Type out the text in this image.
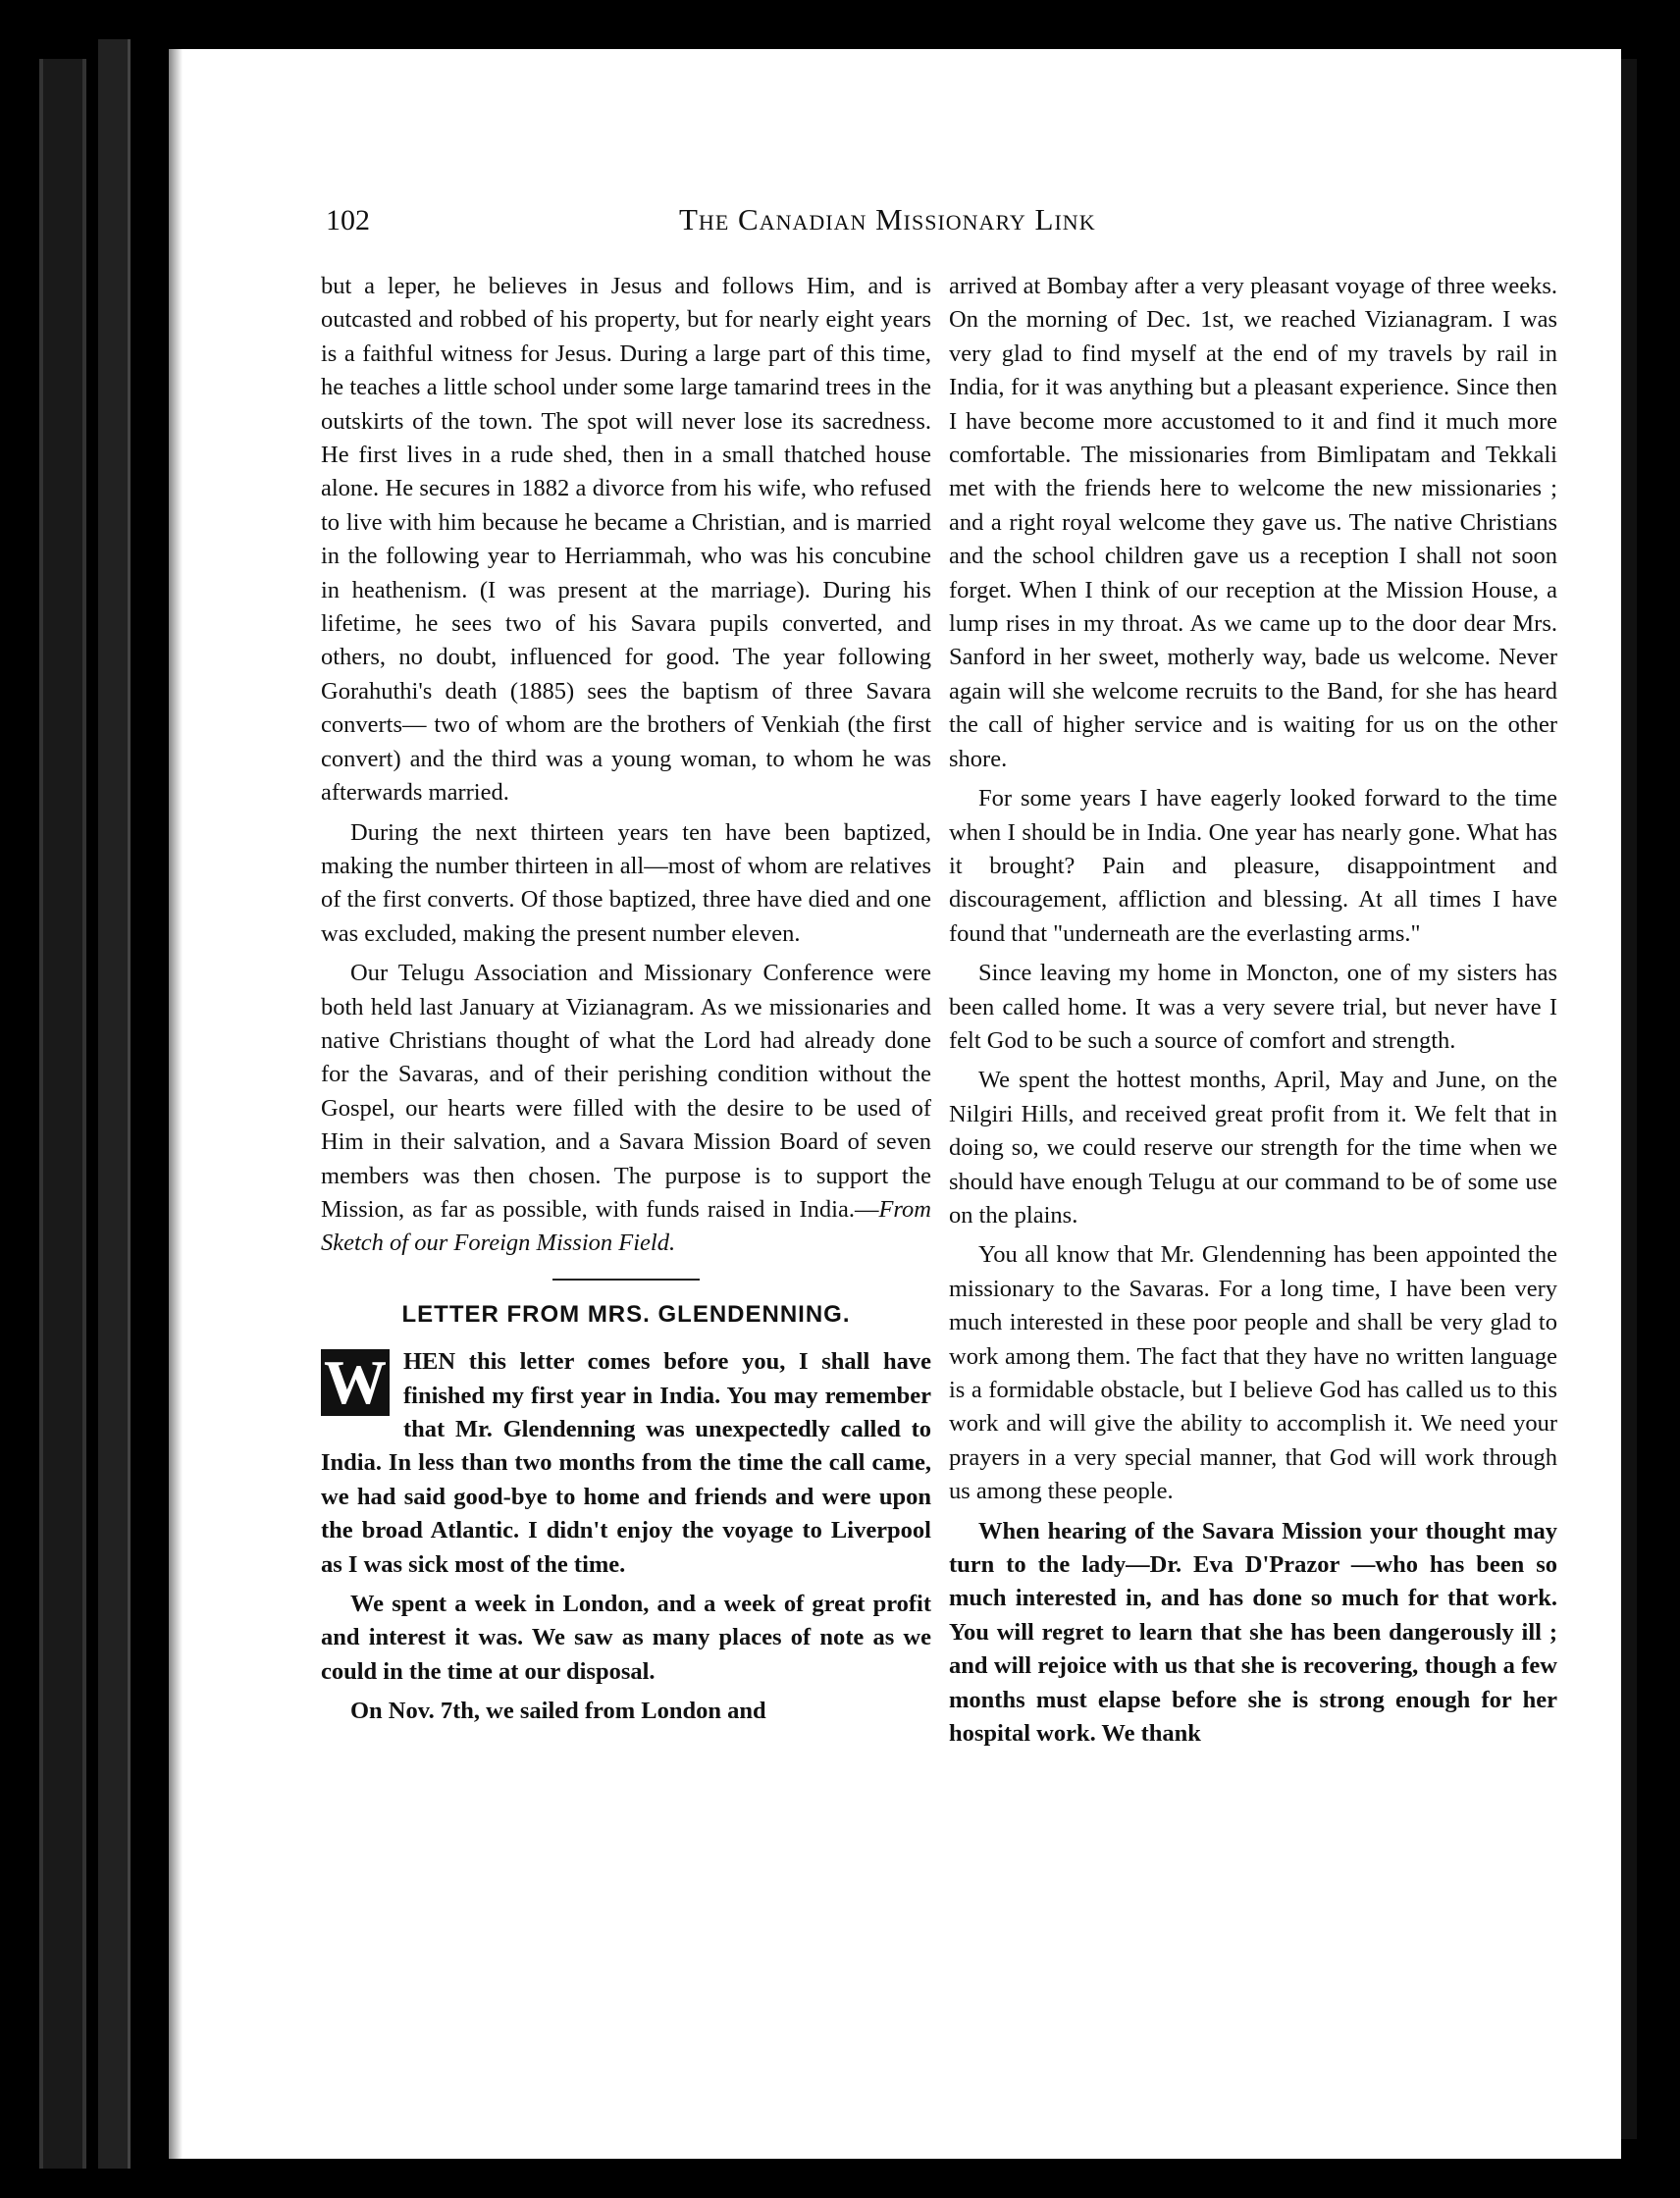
102	The Canadian Missionary Link

but a leper, he believes in Jesus and follows Him, and is outcasted and robbed of his property, but for nearly eight years is a faithful witness for Jesus. During a large part of this time, he teaches a little school under some large tamarind trees in the outskirts of the town. The spot will never lose its sacredness. He first lives in a rude shed, then in a small thatched house alone. He secures in 1882 a divorce from his wife, who refused to live with him because he became a Christian, and is married in the following year to Herriammah, who was his concubine in heathenism. (I was present at the marriage). During his lifetime, he sees two of his Savara pupils converted, and others, no doubt, influenced for good. The year following Gorahuthi's death (1885) sees the baptism of three Savara converts— two of whom are the brothers of Venkiah (the first convert) and the third was a young woman, to whom he was afterwards married.

During the next thirteen years ten have been baptized, making the number thirteen in all—most of whom are relatives of the first converts. Of those baptized, three have died and one was excluded, making the present number eleven.

Our Telugu Association and Missionary Conference were both held last January at Vizianagram. As we missionaries and native Christians thought of what the Lord had already done for the Savaras, and of their perishing condition without the Gospel, our hearts were filled with the desire to be used of Him in their salvation, and a Savara Mission Board of seven members was then chosen. The purpose is to support the Mission, as far as possible, with funds raised in India.—From Sketch of our Foreign Mission Field.

LETTER FROM MRS. GLENDENNING.

W HEN this letter comes before you, I shall have finished my first year in India. You may remember that Mr. Glendenning was unexpectedly called to India. In less than two months from the time the call came, we had said good-bye to home and friends and were upon the broad Atlantic. I didn't enjoy the voyage to Liverpool as I was sick most of the time.

We spent a week in London, and a week of great profit and interest it was. We saw as many places of note as we could in the time at our disposal.

On Nov. 7th, we sailed from London and

arrived at Bombay after a very pleasant voyage of three weeks. On the morning of Dec. 1st, we reached Vizianagram. I was very glad to find myself at the end of my travels by rail in India, for it was anything but a pleasant experience. Since then I have become more accustomed to it and find it much more comfortable. The missionaries from Bimlipatam and Tekkali met with the friends here to welcome the new missionaries ; and a right royal welcome they gave us. The native Christians and the school children gave us a reception I shall not soon forget. When I think of our reception at the Mission House, a lump rises in my throat. As we came up to the door dear Mrs. Sanford in her sweet, motherly way, bade us welcome. Never again will she welcome recruits to the Band, for she has heard the call of higher service and is waiting for us on the other shore.

For some years I have eagerly looked forward to the time when I should be in India. One year has nearly gone. What has it brought? Pain and pleasure, disappointment and discouragement, affliction and blessing. At all times I have found that "underneath are the everlasting arms."

Since leaving my home in Moncton, one of my sisters has been called home. It was a very severe trial, but never have I felt God to be such a source of comfort and strength.

We spent the hottest months, April, May and June, on the Nilgiri Hills, and received great profit from it. We felt that in doing so, we could reserve our strength for the time when we should have enough Telugu at our command to be of some use on the plains.

You all know that Mr. Glendenning has been appointed the missionary to the Savaras. For a long time, I have been very much interested in these poor people and shall be very glad to work among them. The fact that they have no written language is a formidable obstacle, but I believe God has called us to this work and will give the ability to accomplish it. We need your prayers in a very special manner, that God will work through us among these people.

When hearing of the Savara Mission your thought may turn to the lady—Dr. Eva D'Prazor —who has been so much interested in, and has done so much for that work. You will regret to learn that she has been dangerously ill ; and will rejoice with us that she is recovering, though a few months must elapse before she is strong enough for her hospital work. We thank
